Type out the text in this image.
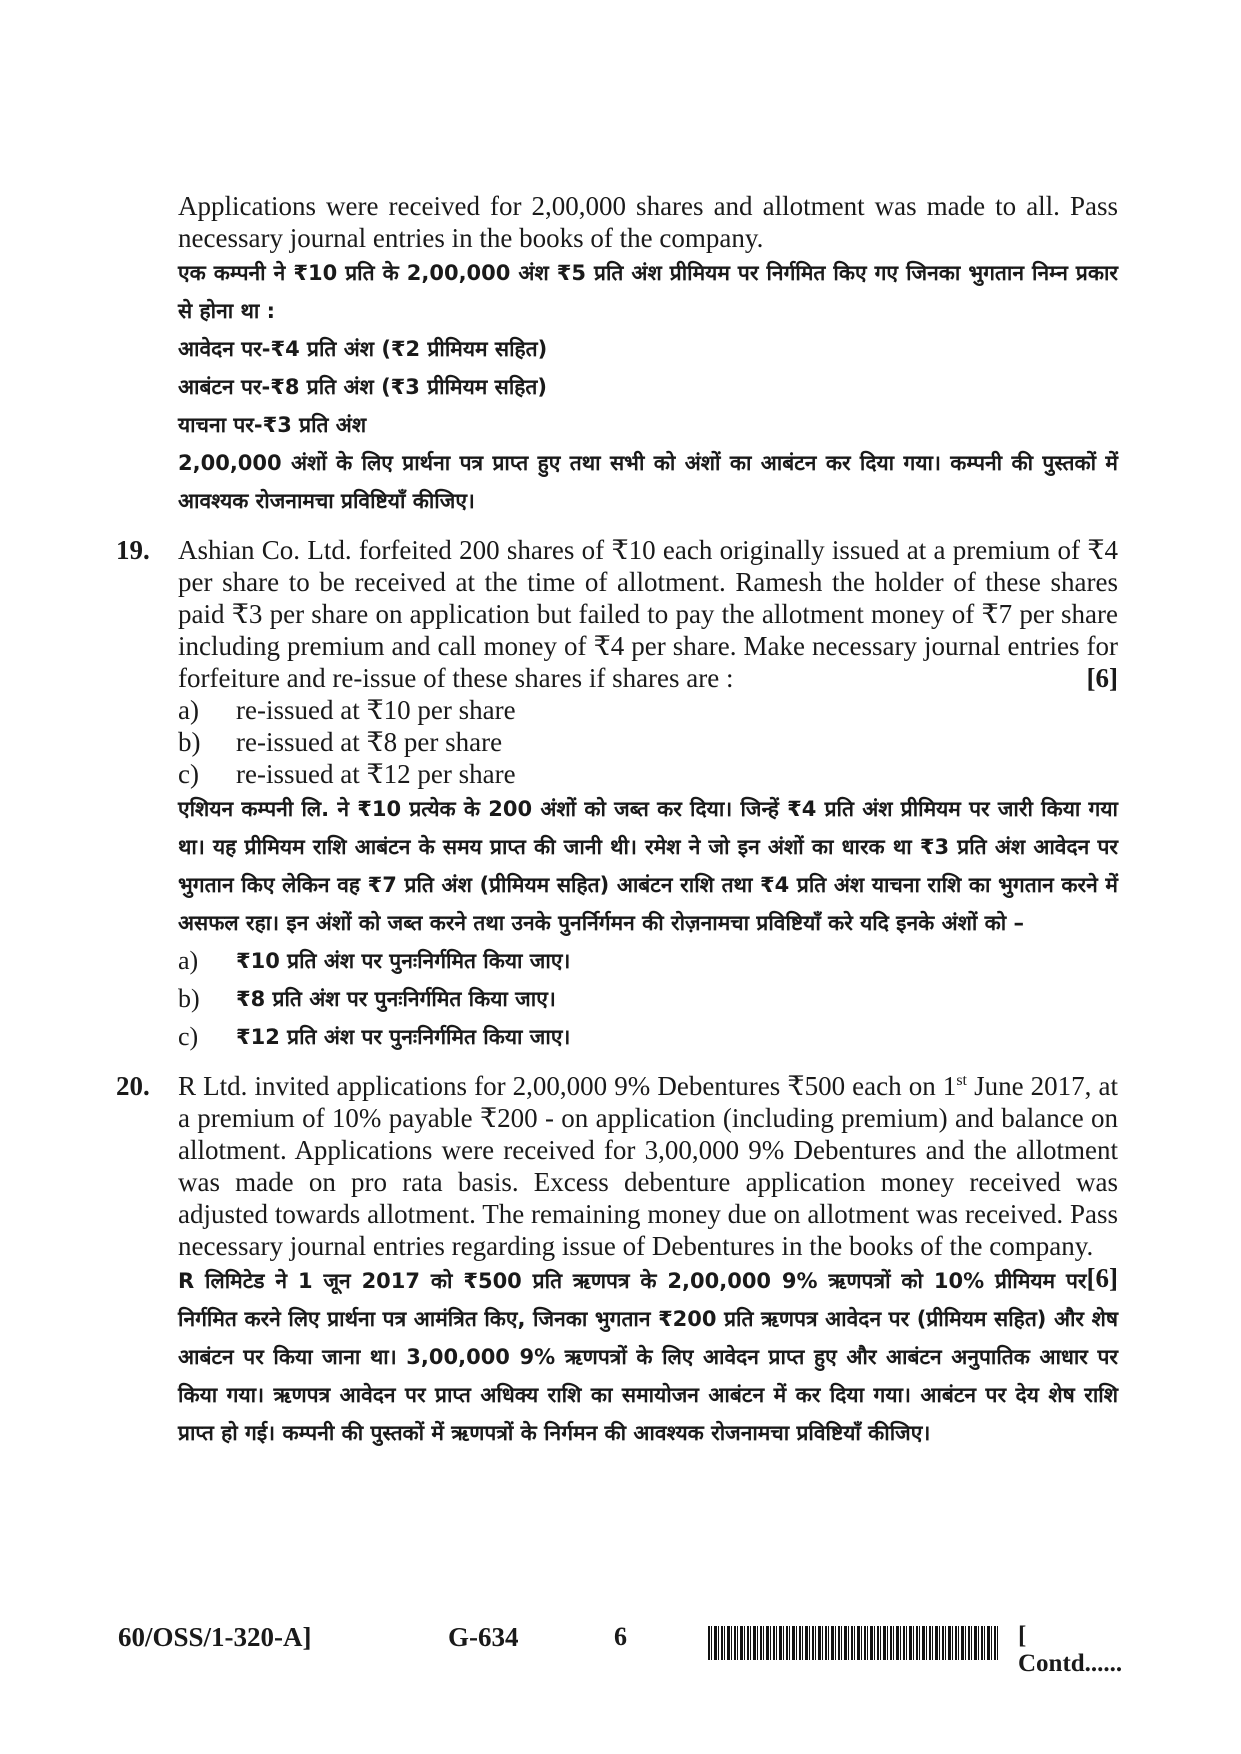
Applications were received for 2,00,000 shares and allotment was made to all. Pass necessary journal entries in the books of the company.

एक कम्पनी ने ₹10 प्रति के 2,00,000 अंश ₹5 प्रति अंश प्रीमियम पर निर्गमित किए गए जिनका भुगतान निम्न प्रकार से होना था :
आवेदन पर-₹4 प्रति अंश (₹2 प्रीमियम सहित)
आबंटन पर-₹8 प्रति अंश (₹3 प्रीमियम सहित)
याचना पर-₹3 प्रति अंश
2,00,000 अंशों के लिए प्रार्थना पत्र प्राप्त हुए तथा सभी को अंशों का आबंटन कर दिया गया। कम्पनी की पुस्तकों में आवश्यक रोजनामचा प्रविष्टियाँ कीजिए।
19. Ashian Co. Ltd. forfeited 200 shares of ₹10 each originally issued at a premium of ₹4 per share to be received at the time of allotment. Ramesh the holder of these shares paid ₹3 per share on application but failed to pay the allotment money of ₹7 per share including premium and call money of ₹4 per share. Make necessary journal entries for forfeiture and re-issue of these shares if shares are :	[6]
a)	re-issued at ₹10 per share
b)	re-issued at ₹8 per share
c)	re-issued at ₹12 per share
एशियन कम्पनी लि. ने ₹10 प्रत्येक के 200 अंशों को जब्त कर दिया। जिन्हें ₹4 प्रति अंश प्रीमियम पर जारी किया गया था। यह प्रीमियम राशि आबंटन के समय प्राप्त की जानी थी। रमेश ने जो इन अंशों का धारक था ₹3 प्रति अंश आवेदन पर भुगतान किए लेकिन वह ₹7 प्रति अंश (प्रीमियम सहित) आबंटन राशि तथा ₹4 प्रति अंश याचना राशि का भुगतान करने में असफल रहा। इन अंशों को जब्त करने तथा उनके पुनर्निर्गमन की रोज़नामचा प्रविष्टियाँ करे यदि इनके अंशों को –
a)	₹10 प्रति अंश पर पुनःनिर्गमित किया जाए।
b)	₹8 प्रति अंश पर पुनःनिर्गमित किया जाए।
c)	₹12 प्रति अंश पर पुनःनिर्गमित किया जाए।
20. R Ltd. invited applications for 2,00,000 9% Debentures ₹500 each on 1st June 2017, at a premium of 10% payable ₹200 - on application (including premium) and balance on allotment. Applications were received for 3,00,000 9% Debentures and the allotment was made on pro rata basis. Excess debenture application money received was adjusted towards allotment. The remaining money due on allotment was received. Pass necessary journal entries regarding issue of Debentures in the books of the company.
[6]
R लिमिटेड ने 1 जून 2017 को ₹500 प्रति ऋणपत्र के 2,00,000 9% ऋणपत्रों को 10% प्रीमियम पर निर्गमित करने लिए प्रार्थना पत्र आमंत्रित किए, जिनका भुगतान ₹200 प्रति ऋणपत्र आवेदन पर (प्रीमियम सहित) और शेष आबंटन पर किया जाना था। 3,00,000 9% ऋणपत्रों के लिए आवेदन प्राप्त हुए और आबंटन अनुपातिक आधार पर किया गया। ऋणपत्र आवेदन पर प्राप्त अधिक्य राशि का समायोजन आबंटन में कर दिया गया। आबंटन पर देय शेष राशि प्राप्त हो गई। कम्पनी की पुस्तकों में ऋणपत्रों के निर्गमन की आवश्यक रोजनामचा प्रविष्टियाँ कीजिए।
60/OSS/1-320-A]	G-634	6	[ Contd......
